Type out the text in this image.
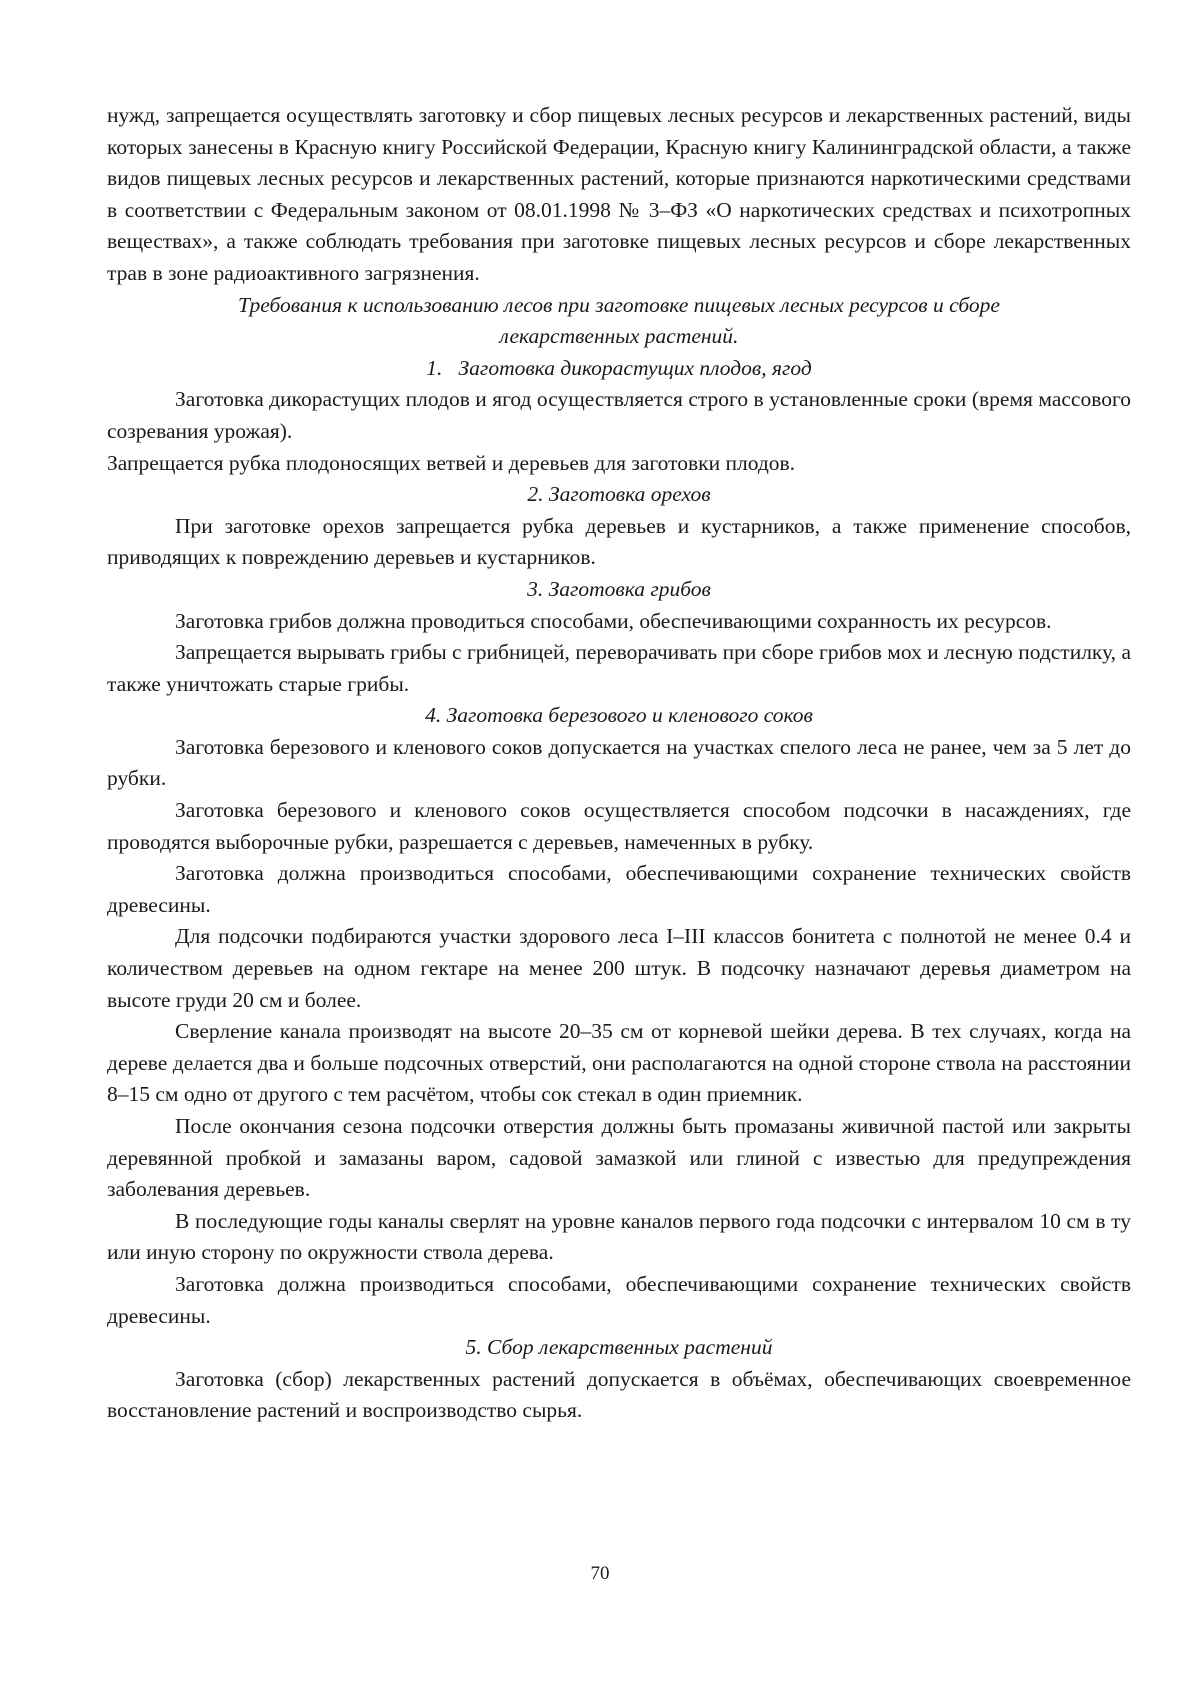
нужд, запрещается осуществлять заготовку и сбор пищевых лесных ресурсов и лекарственных растений, виды которых занесены в Красную книгу Российской Федерации, Красную книгу Калининградской области, а также видов пищевых лесных ресурсов и лекарственных растений, которые признаются наркотическими средствами в соответствии с Федеральным законом от 08.01.1998 № 3–ФЗ «О наркотических средствах и психотропных веществах», а также соблюдать требования при заготовке пищевых лесных ресурсов и сборе лекарственных трав в зоне радиоактивного загрязнения.

Требования к использованию лесов при заготовке пищевых лесных ресурсов и сборе лекарственных растений.

1.   Заготовка дикорастущих плодов, ягод

Заготовка дикорастущих плодов и ягод осуществляется строго в установленные сроки (время массового созревания урожая).

Запрещается рубка плодоносящих ветвей и деревьев для заготовки плодов.

2. Заготовка орехов

При заготовке орехов запрещается рубка деревьев и кустарников, а также применение способов, приводящих к повреждению деревьев и кустарников.

3. Заготовка грибов

Заготовка грибов должна проводиться способами, обеспечивающими сохранность их ресурсов.

Запрещается вырывать грибы с грибницей, переворачивать при сборе грибов мох и лесную подстилку, а также уничтожать старые грибы.

4. Заготовка березового и кленового соков

Заготовка березового и кленового соков допускается на участках спелого леса не ранее, чем за 5 лет до рубки.

Заготовка березового и кленового соков осуществляется способом подсочки в насаждениях, где проводятся выборочные рубки, разрешается с деревьев, намеченных в рубку.

Заготовка должна производиться способами, обеспечивающими сохранение технических свойств древесины.

Для подсочки подбираются участки здорового леса I–III классов бонитета с полнотой не менее 0.4 и количеством деревьев на одном гектаре на менее 200 штук. В подсочку назначают деревья диаметром на высоте груди 20 см и более.

Сверление канала производят на высоте 20–35 см от корневой шейки дерева. В тех случаях, когда на дереве делается два и больше подсочных отверстий, они располагаются на одной стороне ствола на расстоянии 8–15 см одно от другого с тем расчётом, чтобы сок стекал в один приемник.

После окончания сезона подсочки отверстия должны быть промазаны живичной пастой или закрыты деревянной пробкой и замазаны варом, садовой замазкой или глиной с известью для предупреждения заболевания деревьев.

В последующие годы каналы сверлят на уровне каналов первого года подсочки с интервалом 10 см в ту или иную сторону по окружности ствола дерева.

Заготовка должна производиться способами, обеспечивающими сохранение технических свойств древесины.

5. Сбор лекарственных растений

Заготовка (сбор) лекарственных растений допускается в объёмах, обеспечивающих своевременное восстановление растений и воспроизводство сырья.

70
